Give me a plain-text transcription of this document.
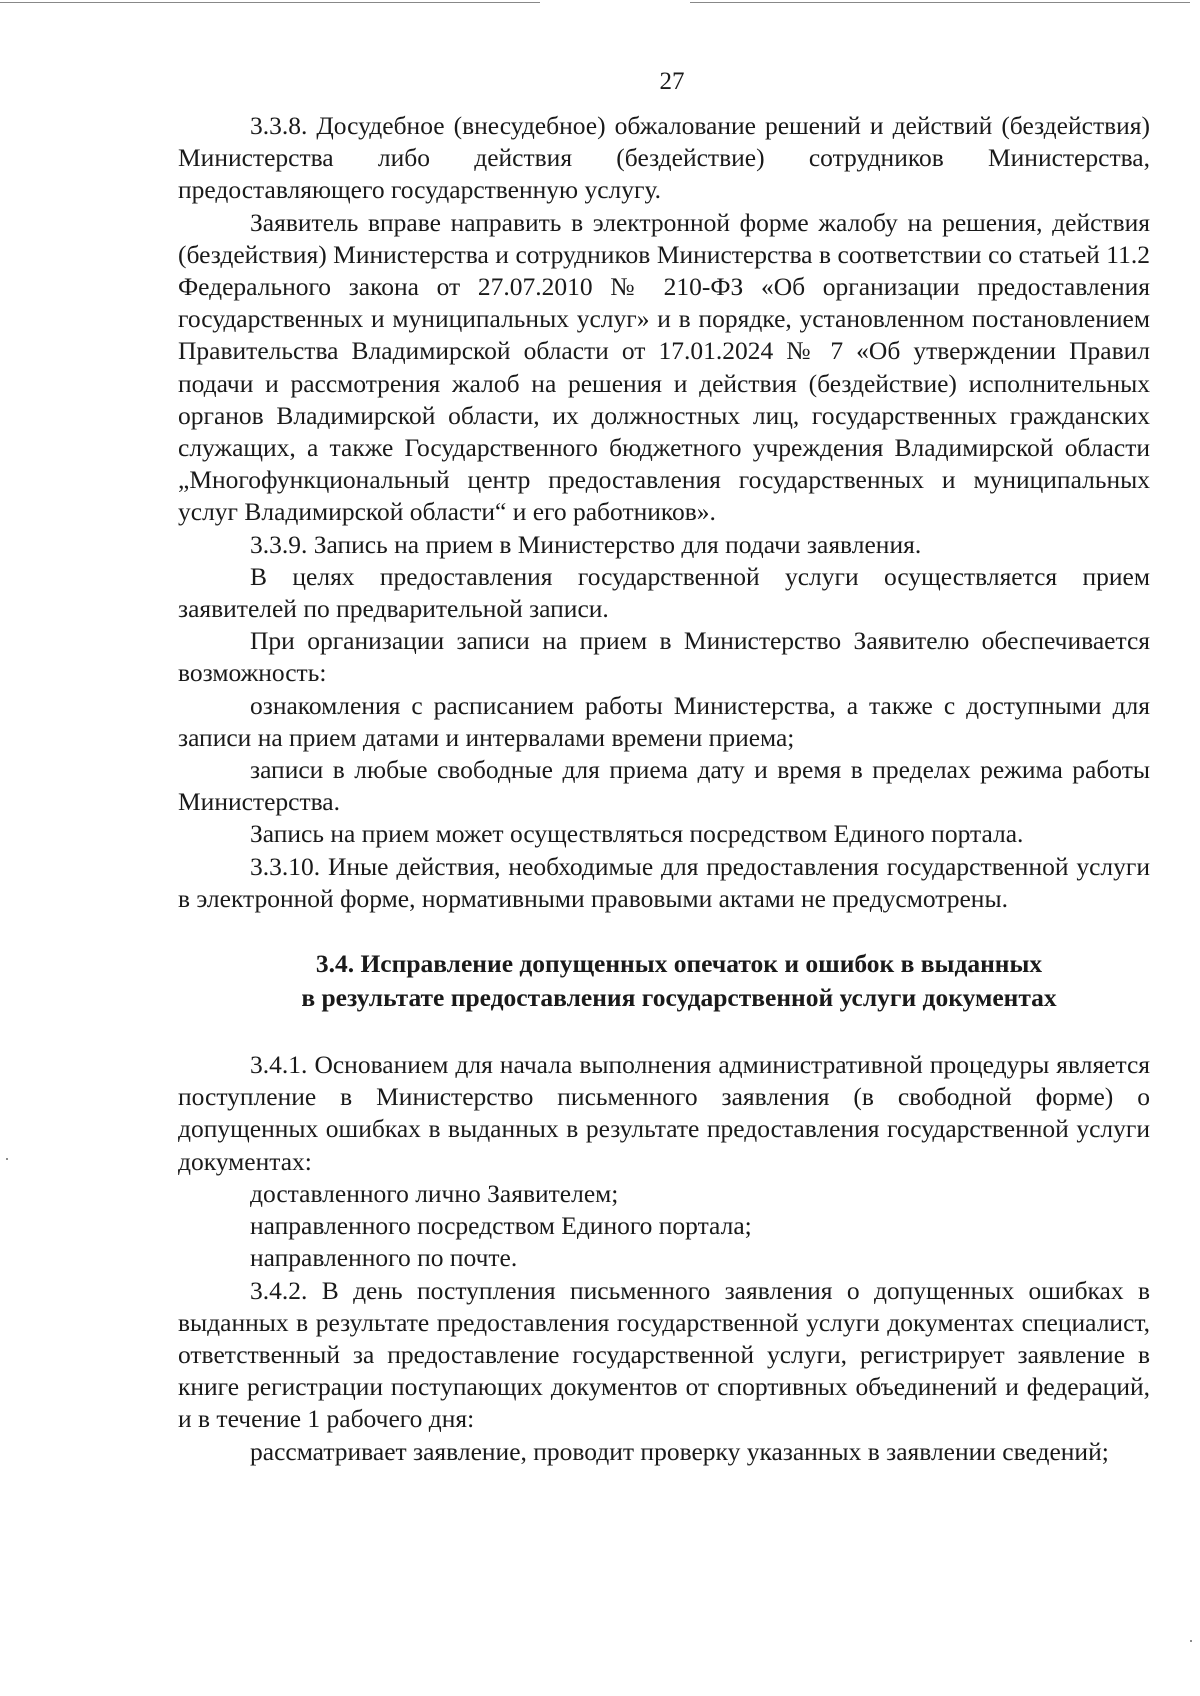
27

3.3.8. Досудебное (внесудебное) обжалование решений и действий (бездействия) Министерства либо действия (бездействие) сотрудников Министерства, предоставляющего государственную услугу.

Заявитель вправе направить в электронной форме жалобу на решения, действия (бездействия) Министерства и сотрудников Министерства в соответствии со статьей 11.2 Федерального закона от 27.07.2010 № 210-ФЗ «Об организации предоставления государственных и муниципальных услуг» и в порядке, установленном постановлением Правительства Владимирской области от 17.01.2024 № 7 «Об утверждении Правил подачи и рассмотрения жалоб на решения и действия (бездействие) исполнительных органов Владимирской области, их должностных лиц, государственных гражданских служащих, а также Государственного бюджетного учреждения Владимирской области „Многофункциональный центр предоставления государственных и муниципальных услуг Владимирской области“ и его работников».

3.3.9. Запись на прием в Министерство для подачи заявления.

В целях предоставления государственной услуги осуществляется прием заявителей по предварительной записи.

При организации записи на прием в Министерство Заявителю обеспечивается возможность:

ознакомления с расписанием работы Министерства, а также с доступными для записи на прием датами и интервалами времени приема;

записи в любые свободные для приема дату и время в пределах режима работы Министерства.

Запись на прием может осуществляться посредством Единого портала.

3.3.10. Иные действия, необходимые для предоставления государственной услуги в электронной форме, нормативными правовыми актами не предусмотрены.

3.4. Исправление допущенных опечаток и ошибок в выданных
в результате предоставления государственной услуги документах

3.4.1. Основанием для начала выполнения административной процедуры является поступление в Министерство письменного заявления (в свободной форме) о допущенных ошибках в выданных в результате предоставления государственной услуги документах:

доставленного лично Заявителем;

направленного посредством Единого портала;

направленного по почте.

3.4.2. В день поступления письменного заявления о допущенных ошибках в выданных в результате предоставления государственной услуги документах специалист, ответственный за предоставление государственной услуги, регистрирует заявление в книге регистрации поступающих документов от спортивных объединений и федераций, и в течение 1 рабочего дня:

рассматривает заявление, проводит проверку указанных в заявлении сведений;
